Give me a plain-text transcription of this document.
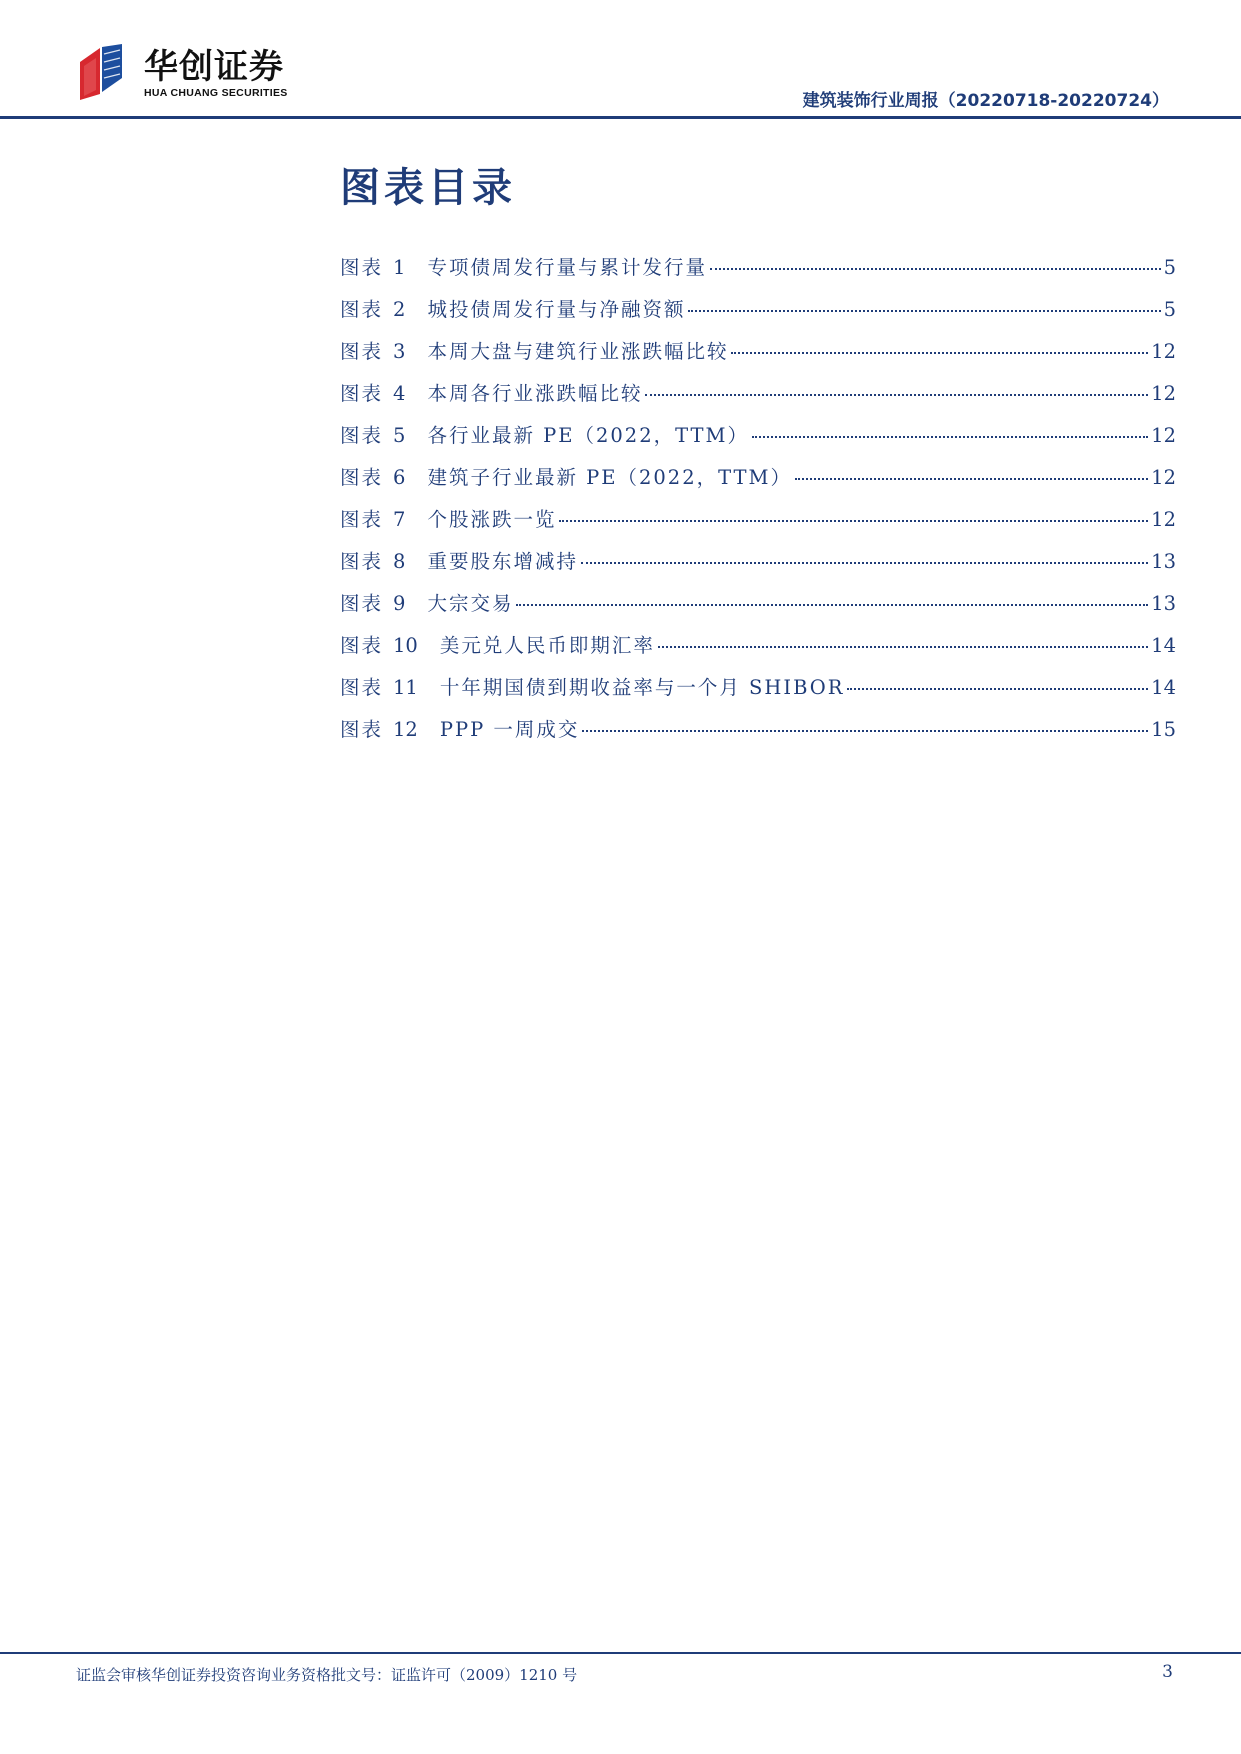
华创证券
HUA CHUANG SECURITIES	建筑装饰行业周报（20220718-20220724）
图表目录
图表 1 专项债周发行量与累计发行量	5
图表 2 城投债周发行量与净融资额	5
图表 3 本周大盘与建筑行业涨跌幅比较	12
图表 4 本周各行业涨跌幅比较	12
图表 5 各行业最新 PE（2022，TTM）	12
图表 6 建筑子行业最新 PE（2022，TTM）	12
图表 7 个股涨跌一览	12
图表 8 重要股东增减持	13
图表 9 大宗交易	13
图表 10 美元兑人民币即期汇率	14
图表 11 十年期国债到期收益率与一个月 SHIBOR	14
图表 12 PPP 一周成交	15
证监会审核华创证券投资咨询业务资格批文号：证监许可（2009）1210 号	3
